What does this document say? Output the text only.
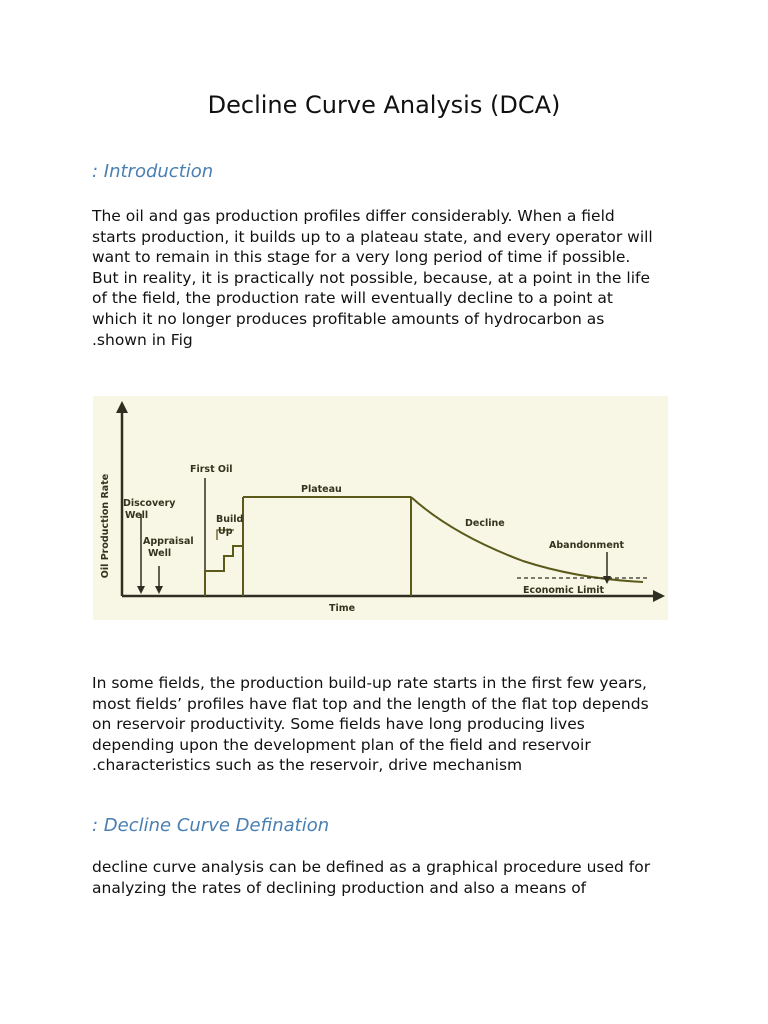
Decline Curve Analysis (DCA)
: Introduction

The oil and gas production profiles differ considerably. When a field
starts production, it builds up to a plateau state, and every operator will
want to remain in this stage for a very long period of time if possible.
But in reality, it is practically not possible, because, at a point in the life
of the field, the production rate will eventually decline to a point at
which it no longer produces profitable amounts of hydrocarbon as
.shown in Fig

Oil Production Rate
First Oil
Discovery
Well
Appraisal
Well
Build
Up
Plateau
Decline
Abandonment
Economic Limit
Time

In some fields, the production build-up rate starts in the first few years,
most fields’ profiles have flat top and the length of the flat top depends
on reservoir productivity. Some fields have long producing lives
depending upon the development plan of the field and reservoir
.characteristics such as the reservoir, drive mechanism

: Decline Curve Defination

decline curve analysis can be defined as a graphical procedure used for
analyzing the rates of declining production and also a means of
